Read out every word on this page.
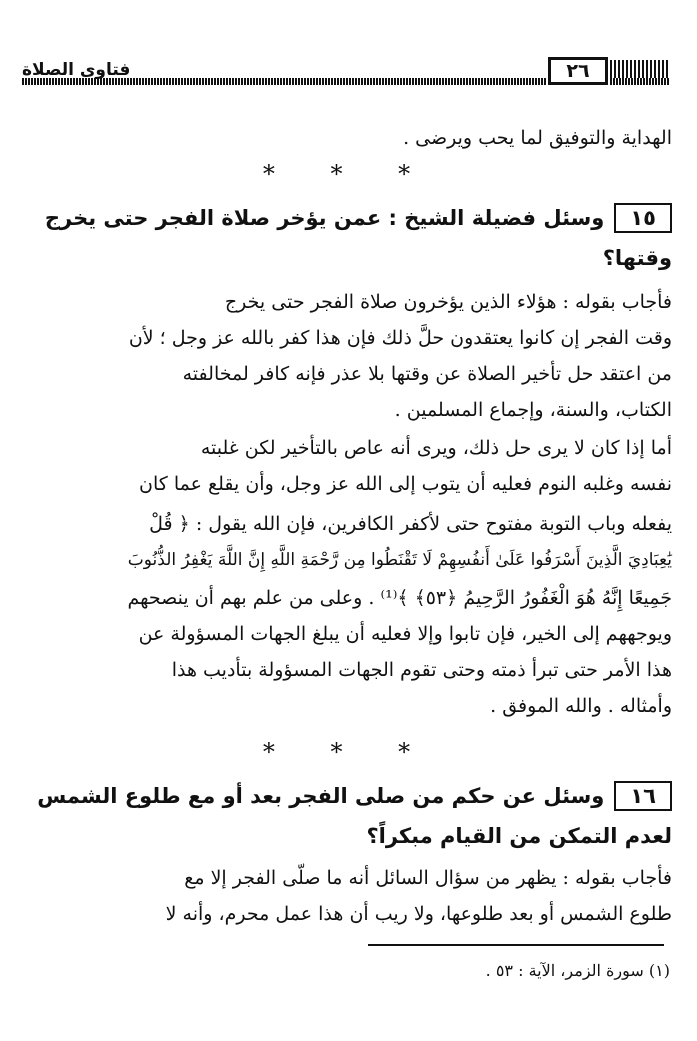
فتاوى الصلاة	٢٦
الهداية والتوفيق لما يحب ويرضى .
* * *
١٥وسئل فضيلة الشيخ : عمن يؤخر صلاة الفجر حتى يخرج
وقتها؟
فأجاب بقوله : هؤلاء الذين يؤخرون صلاة الفجر حتى يخرج
وقت الفجر إن كانوا يعتقدون حلَّ ذلك فإن هذا كفر بالله عز وجل ؛ لأن
من اعتقد حل تأخير الصلاة عن وقتها بلا عذر فإنه كافر لمخالفته
الكتاب، والسنة، وإجماع المسلمين .
أما إذا كان لا يرى حل ذلك، ويرى أنه عاص بالتأخير لكن غلبته
نفسه وغلبه النوم فعليه أن يتوب إلى الله عز وجل، وأن يقلع عما كان
يفعله وباب التوبة مفتوح حتى لأكفر الكافرين، فإن الله يقول : ﴿ قُلْ
يَٰعِبَادِيَ الَّذِينَ أَسْرَفُوا عَلَىٰ أَنفُسِهِمْ لَا تَقْنَطُوا مِن رَّحْمَةِ اللَّهِ إِنَّ اللَّهَ يَغْفِرُ الذُّنُوبَ
جَمِيعًا إِنَّهُ هُوَ الْغَفُورُ الرَّحِيمُ ﴿٥٣﴾ ﴾⁽¹⁾ . وعلى من علم بهم أن ينصحهم
ويوجههم إلى الخير، فإن تابوا وإلا فعليه أن يبلغ الجهات المسؤولة عن
هذا الأمر حتى تبرأ ذمته وحتى تقوم الجهات المسؤولة بتأديب هذا
وأمثاله . والله الموفق .
* * *
١٦وسئل عن حكم من صلى الفجر بعد أو مع طلوع الشمس
لعدم التمكن من القيام مبكراً؟
فأجاب بقوله : يظهر من سؤال السائل أنه ما صلّى الفجر إلا مع
طلوع الشمس أو بعد طلوعها، ولا ريب أن هذا عمل محرم، وأنه لا
(١) سورة الزمر، الآية : ٥٣ .
